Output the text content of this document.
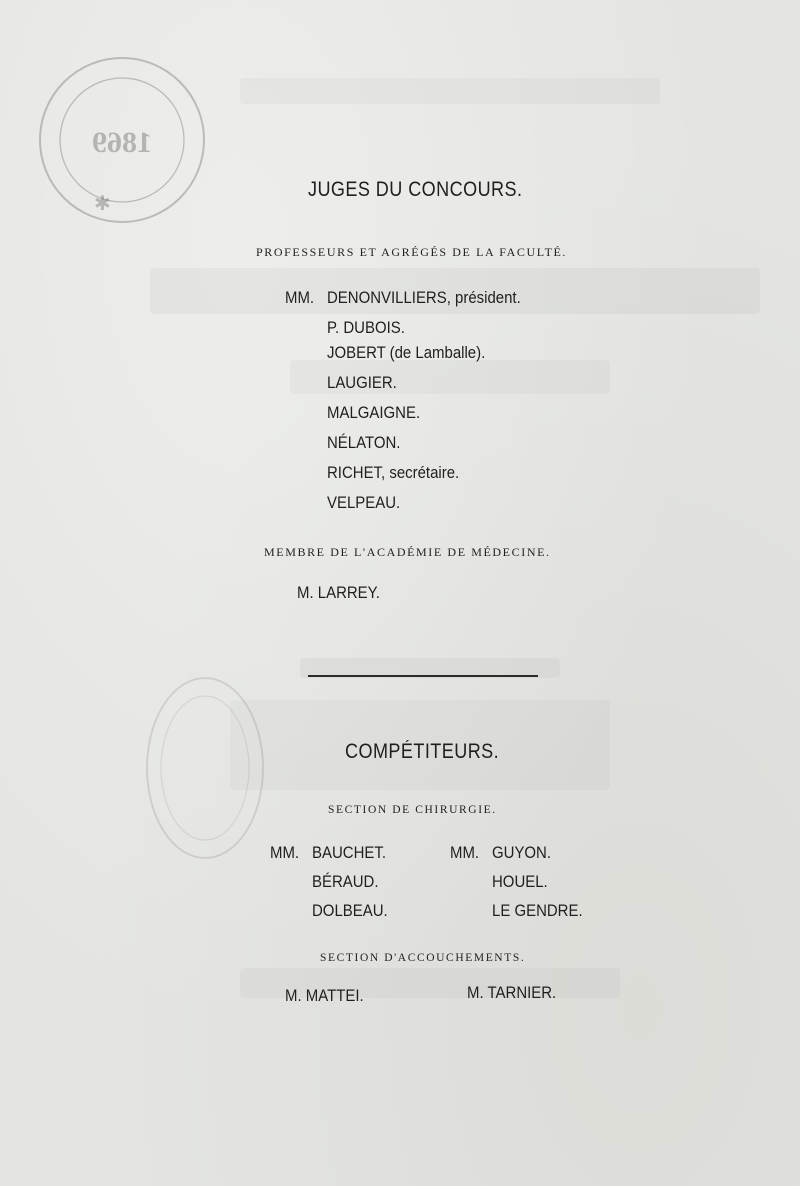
1869
✱
JUGES DU CONCOURS.
PROFESSEURS ET AGRÉGÉS DE LA FACULTÉ.
MM. DENONVILLIERS, président.
P. DUBOIS.
JOBERT (de Lamballe).
LAUGIER.
MALGAIGNE.
NÉLATON.
RICHET, secrétaire.
VELPEAU.
MEMBRE DE L'ACADÉMIE DE MÉDECINE.
M. LARREY.
COMPÉTITEURS.
SECTION DE CHIRURGIE.
MM. BAUCHET.
BÉRAUD.
DOLBEAU.
MM. GUYON.
HOUEL.
LE GENDRE.
SECTION D'ACCOUCHEMENTS.
M. MATTEI.	M. TARNIER.
